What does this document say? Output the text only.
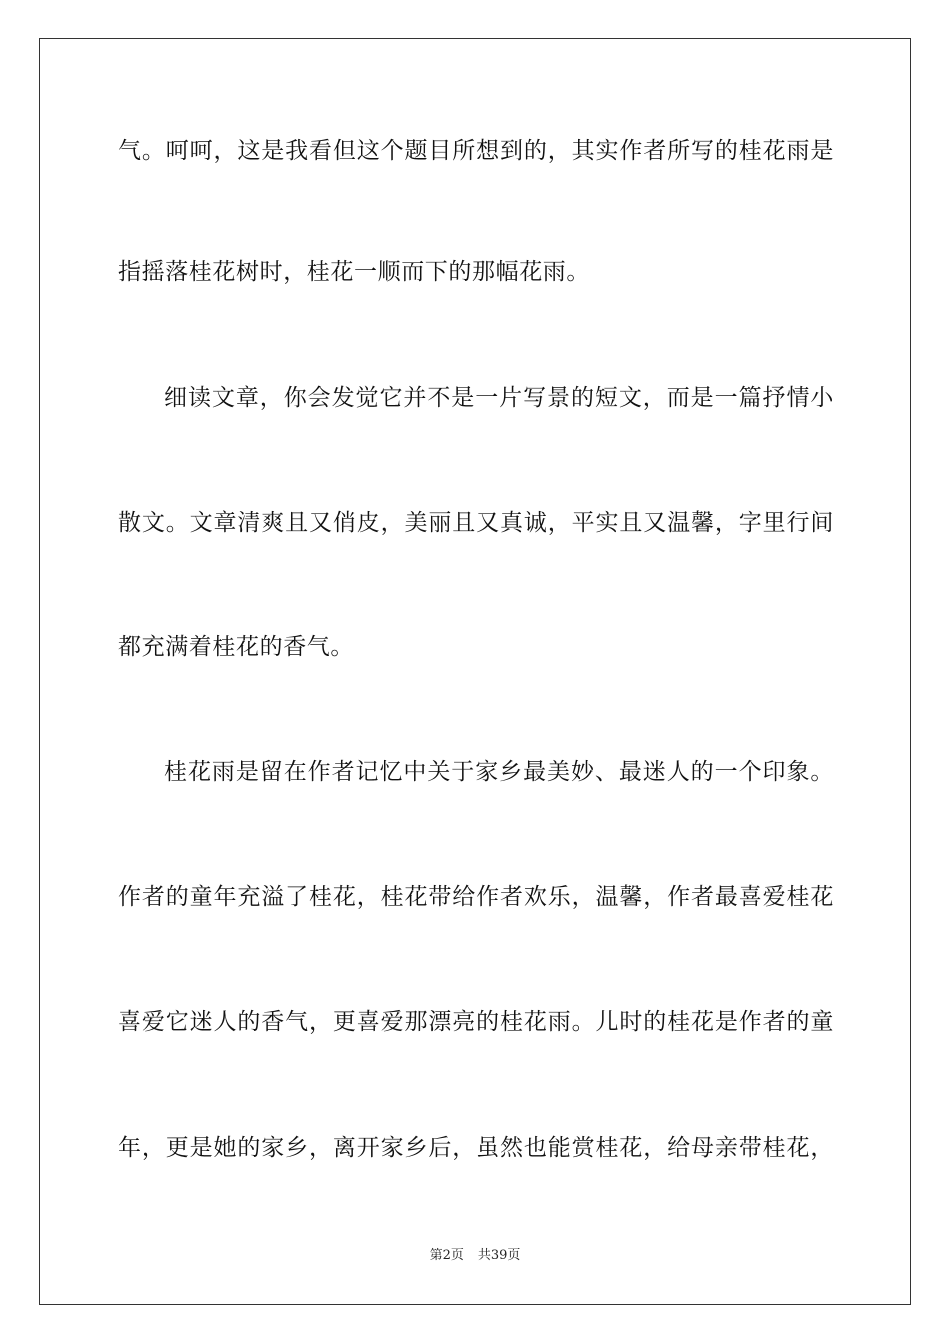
气。呵呵，这是我看但这个题目所想到的，其实作者所写的桂花雨是
指摇落桂花树时，桂花一顺而下的那幅花雨。
细读文章，你会发觉它并不是一片写景的短文，而是一篇抒情小
散文。文章清爽且又俏皮，美丽且又真诚，平实且又温馨，字里行间
都充满着桂花的香气。
桂花雨是留在作者记忆中关于家乡最美妙、最迷人的一个印象。
作者的童年充溢了桂花，桂花带给作者欢乐，温馨，作者最喜爱桂花
喜爱它迷人的香气，更喜爱那漂亮的桂花雨。儿时的桂花是作者的童
年，更是她的家乡，离开家乡后，虽然也能赏桂花，给母亲带桂花，
第2页 共39页
